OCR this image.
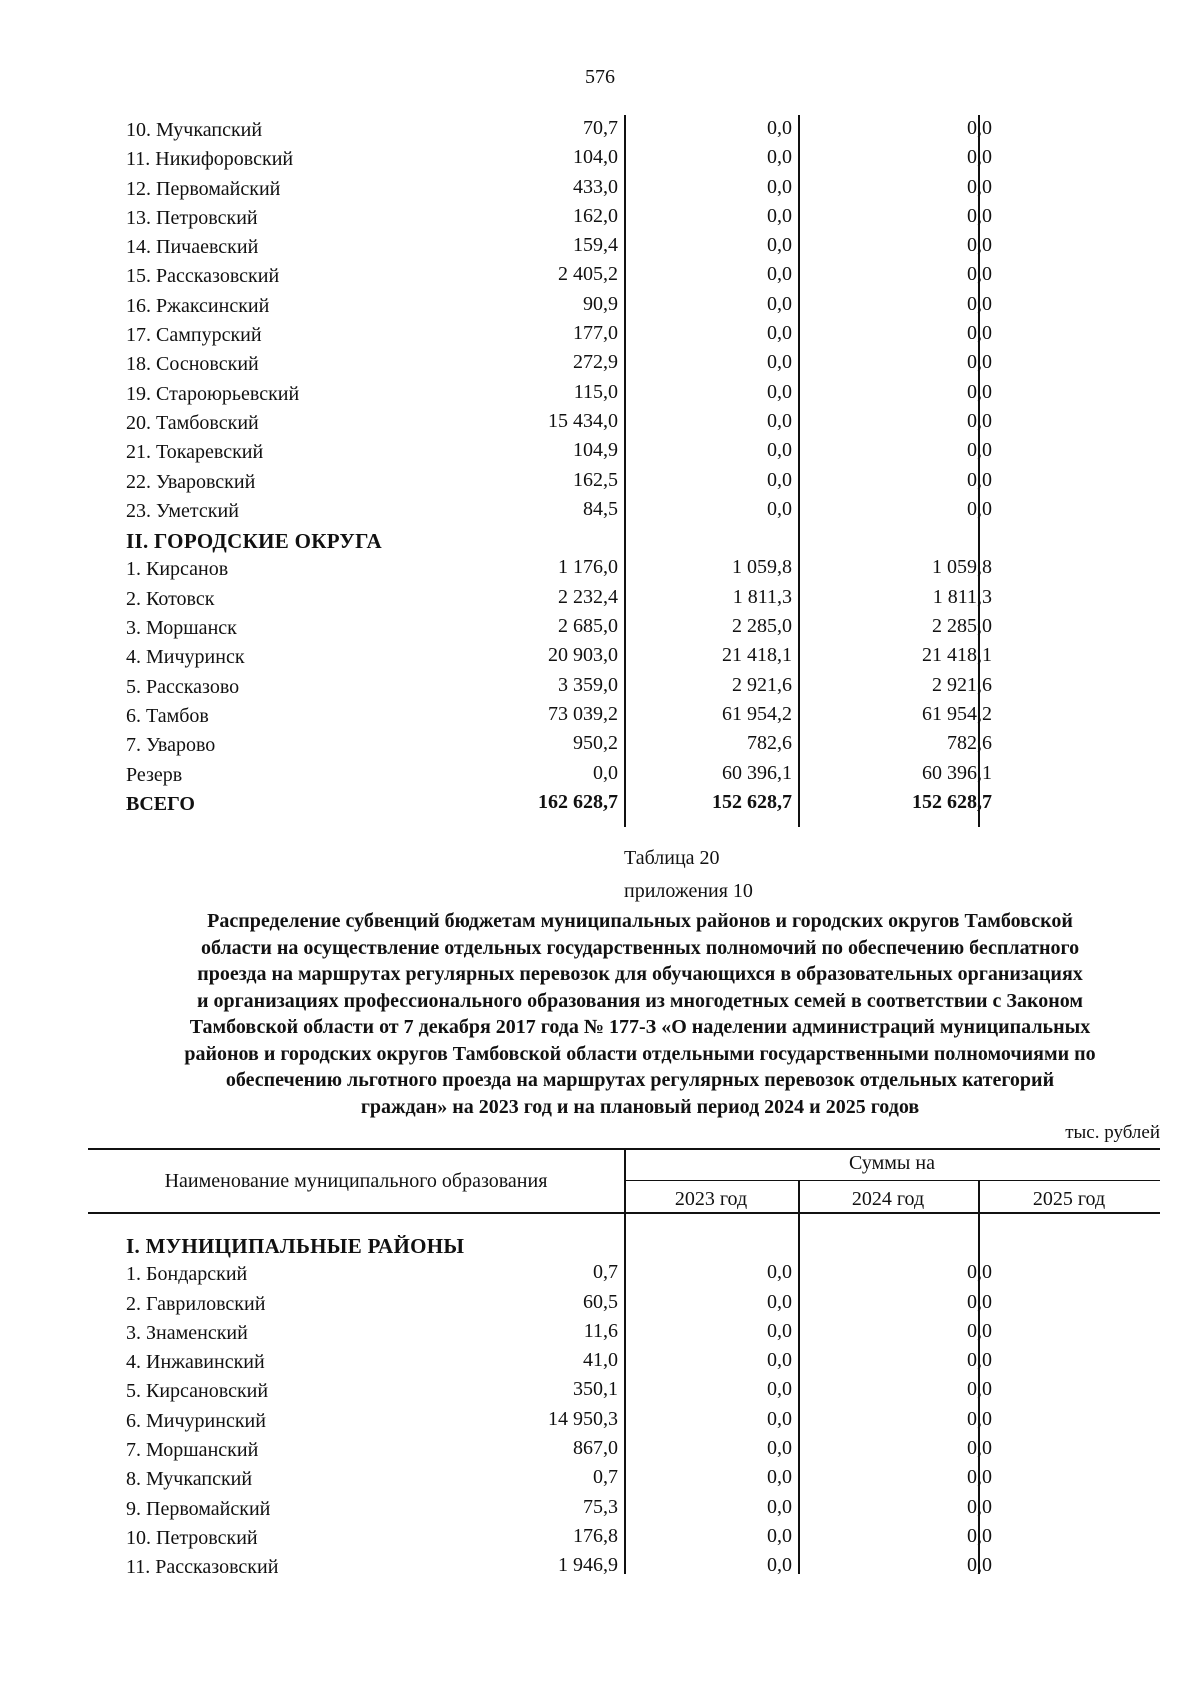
576
10. Мучкапский	70,7	0,0	0,0
11. Никифоровский	104,0	0,0	0,0
12. Первомайский	433,0	0,0	0,0
13. Петровский	162,0	0,0	0,0
14. Пичаевский	159,4	0,0	0,0
15. Рассказовский	2 405,2	0,0	0,0
16. Ржаксинский	90,9	0,0	0,0
17. Сампурский	177,0	0,0	0,0
18. Сосновский	272,9	0,0	0,0
19. Староюрьевский	115,0	0,0	0,0
20. Тамбовский	15 434,0	0,0	0,0
21. Токаревский	104,9	0,0	0,0
22. Уваровский	162,5	0,0	0,0
23. Уметский	84,5	0,0	0,0
II. ГОРОДСКИЕ ОКРУГА
1. Кирсанов	1 176,0	1 059,8	1 059,8
2. Котовск	2 232,4	1 811,3	1 811,3
3. Моршанск	2 685,0	2 285,0	2 285,0
4. Мичуринск	20 903,0	21 418,1	21 418,1
5. Рассказово	3 359,0	2 921,6	2 921,6
6. Тамбов	73 039,2	61 954,2	61 954,2
7. Уварово	950,2	782,6	782,6
Резерв	0,0	60 396,1	60 396,1
ВСЕГО	162 628,7	152 628,7	152 628,7
Таблица 20
приложения 10
Распределение субвенций бюджетам муниципальных районов и городских округов Тамбовской
области на осуществление отдельных государственных полномочий по обеспечению бесплатного
проезда на маршрутах регулярных перевозок для обучающихся в образовательных организациях
и организациях профессионального образования из многодетных семей в соответствии с Законом
Тамбовской области от 7 декабря 2017 года № 177-З «О наделении администраций муниципальных
районов и городских округов Тамбовской области отдельными государственными полномочиями по
обеспечению льготного проезда на маршрутах регулярных перевозок отдельных категорий
граждан» на 2023 год и на плановый период 2024 и 2025 годов
тыс. рублей
Наименование муниципального образования
Суммы на
2023 год	2024 год	2025 год
I. МУНИЦИПАЛЬНЫЕ РАЙОНЫ
1. Бондарский	0,7	0,0	0,0
2. Гавриловский	60,5	0,0	0,0
3. Знаменский	11,6	0,0	0,0
4. Инжавинский	41,0	0,0	0,0
5. Кирсановский	350,1	0,0	0,0
6. Мичуринский	14 950,3	0,0	0,0
7. Моршанский	867,0	0,0	0,0
8. Мучкапский	0,7	0,0	0,0
9. Первомайский	75,3	0,0	0,0
10. Петровский	176,8	0,0	0,0
11. Рассказовский	1 946,9	0,0	0,0
